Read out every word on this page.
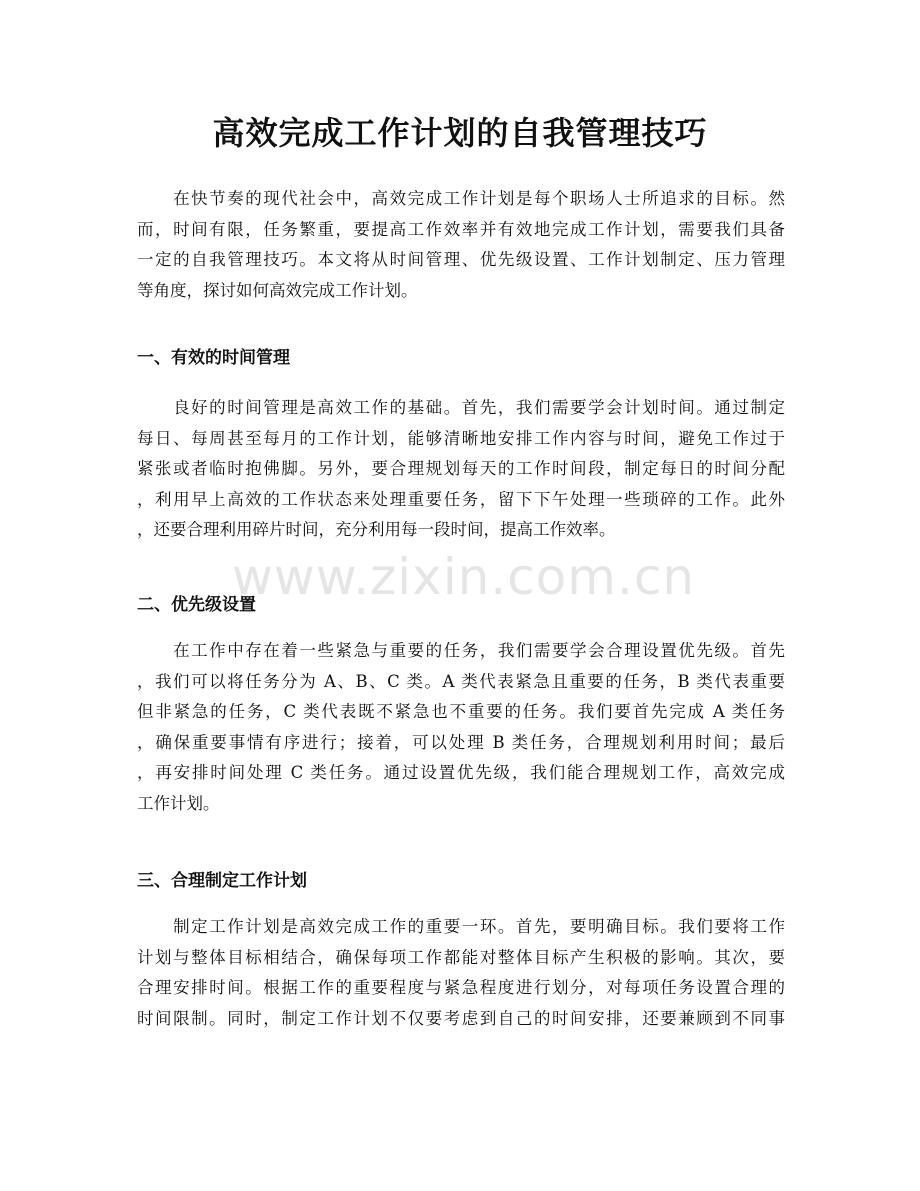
高效完成工作计划的自我管理技巧
　　在快节奏的现代社会中，高效完成工作计划是每个职场人士所追求的目标。然
而，时间有限，任务繁重，要提高工作效率并有效地完成工作计划，需要我们具备
一定的自我管理技巧。本文将从时间管理、优先级设置、工作计划制定、压力管理
等角度，探讨如何高效完成工作计划。
一、有效的时间管理
　　良好的时间管理是高效工作的基础。首先，我们需要学会计划时间。通过制定
每日、每周甚至每月的工作计划，能够清晰地安排工作内容与时间，避免工作过于
紧张或者临时抱佛脚。另外，要合理规划每天的工作时间段，制定每日的时间分配
，利用早上高效的工作状态来处理重要任务，留下下午处理一些琐碎的工作。此外
，还要合理利用碎片时间，充分利用每一段时间，提高工作效率。
二、优先级设置
　　在工作中存在着一些紧急与重要的任务，我们需要学会合理设置优先级。首先
，我们可以将任务分为 A、B、C 类。A 类代表紧急且重要的任务，B 类代表重要
但非紧急的任务，C 类代表既不紧急也不重要的任务。我们要首先完成 A 类任务
，确保重要事情有序进行；接着，可以处理 B 类任务，合理规划利用时间；最后
，再安排时间处理 C 类任务。通过设置优先级，我们能合理规划工作，高效完成
工作计划。
三、合理制定工作计划
　　制定工作计划是高效完成工作的重要一环。首先，要明确目标。我们要将工作
计划与整体目标相结合，确保每项工作都能对整体目标产生积极的影响。其次，要
合理安排时间。根据工作的重要程度与紧急程度进行划分，对每项任务设置合理的
时间限制。同时，制定工作计划不仅要考虑到自己的时间安排，还要兼顾到不同事
www.zixin.com.cn
